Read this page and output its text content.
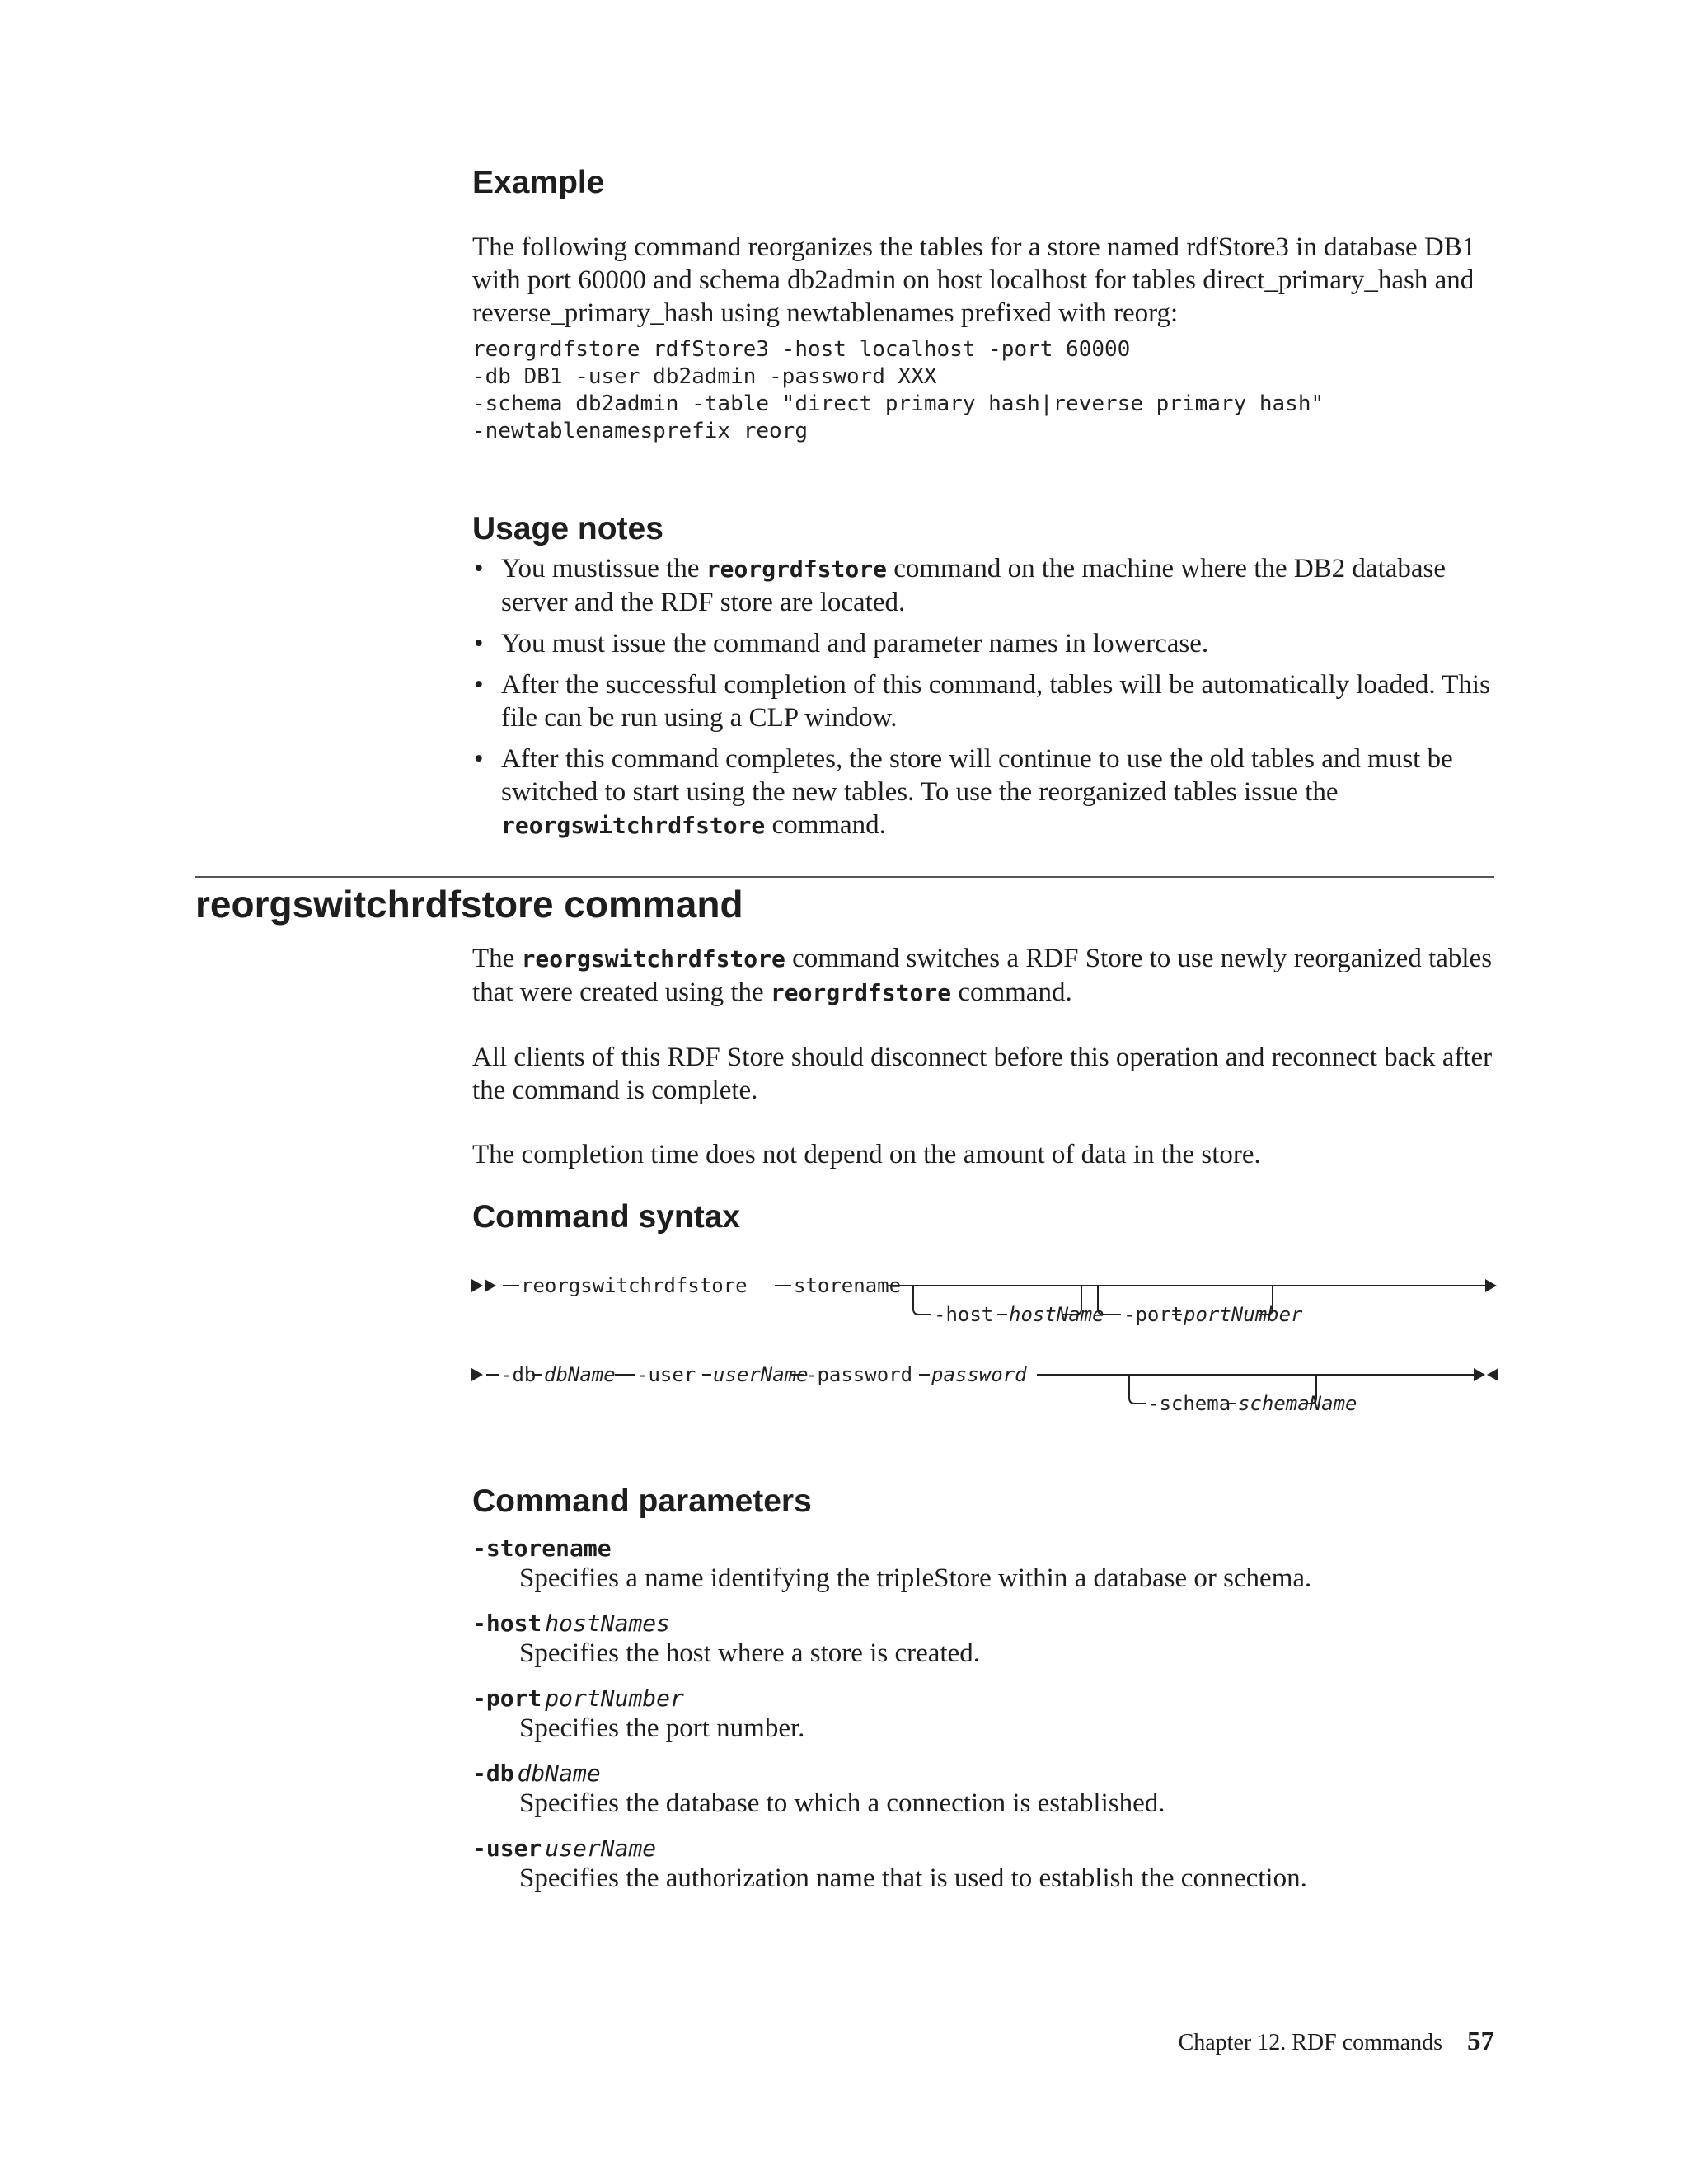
Example

The following command reorganizes the tables for a store named rdfStore3 in database DB1 with port 60000 and schema db2admin on host localhost for tables direct_primary_hash and reverse_primary_hash using newtablenames prefixed with reorg:

reorgrdfstore rdfStore3 -host localhost -port 60000
-db DB1 -user db2admin -password XXX
-schema db2admin -table "direct_primary_hash|reverse_primary_hash"
-newtablenamesprefix reorg
Usage notes
• You mustissue the reorgrdfstore command on the machine where the DB2 database server and the RDF store are located.
• You must issue the command and parameter names in lowercase.
• After the successful completion of this command, tables will be automatically loaded. This file can be run using a CLP window.
• After this command completes, the store will continue to use the old tables and must be switched to start using the new tables. To use the reorganized tables issue the reorgswitchrdfstore command.
reorgswitchrdfstore command

The reorgswitchrdfstore command switches a RDF Store to use newly reorganized tables that were created using the reorgrdfstore command.

All clients of this RDF Store should disconnect before this operation and reconnect back after the command is complete.

The completion time does not depend on the amount of data in the store.

Command syntax
reorgswitchrdfstore storename
-host hostName -port portNumber
-db dbName -user userName
-password password
-schema schemaName
Command parameters
-storename
Specifies a name identifying the tripleStore within a database or schema.
-host hostNames
Specifies the host where a store is created.
-port portNumber
Specifies the port number.
-db dbName
Specifies the database to which a connection is established.
-user userName
Specifies the authorization name that is used to establish the connection.
Chapter 12. RDF commands 57
